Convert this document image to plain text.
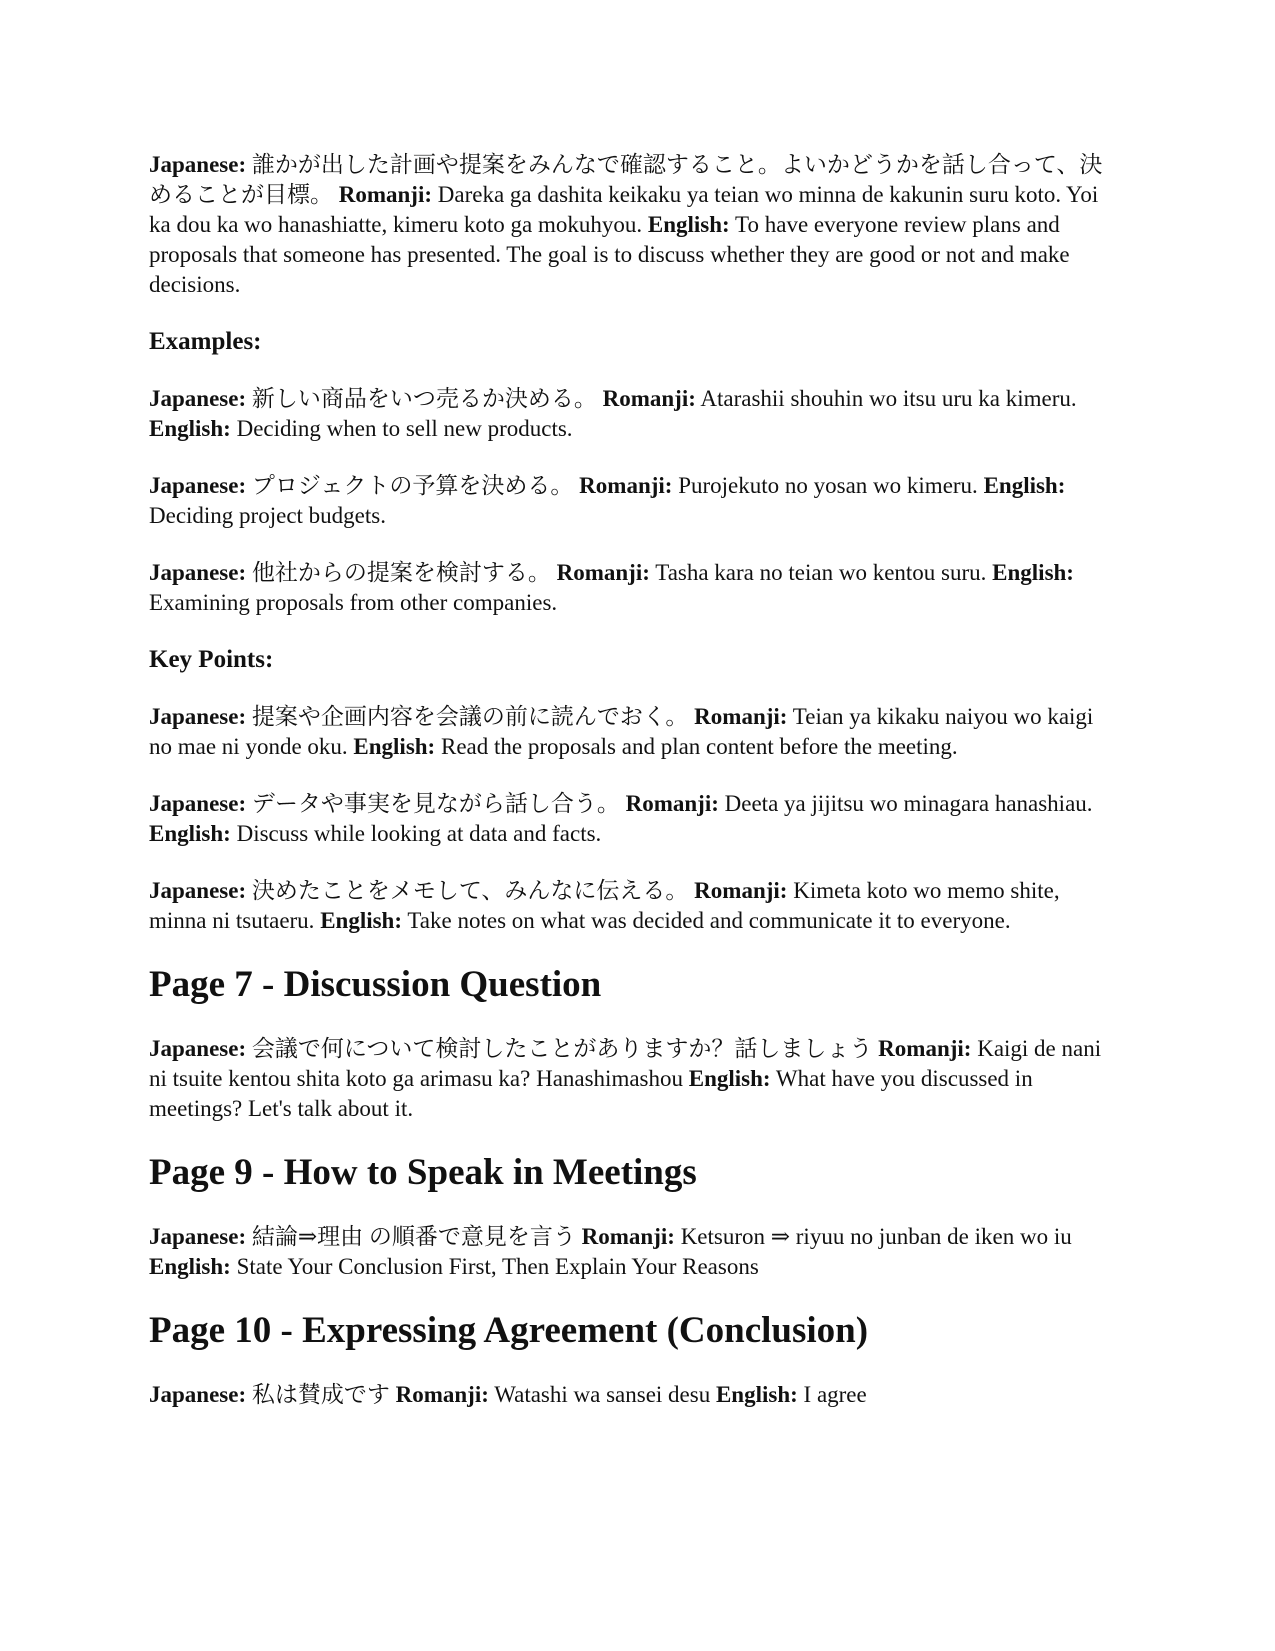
Japanese: 誰かが出した計画や提案をみんなで確認すること。よいかどうかを話し合って、決めることが目標。 Romanji: Dareka ga dashita keikaku ya teian wo minna de kakunin suru koto. Yoi ka dou ka wo hanashiatte, kimeru koto ga mokuhyou. English: To have everyone review plans and proposals that someone has presented. The goal is to discuss whether they are good or not and make decisions.

Examples:

Japanese: 新しい商品をいつ売るか決める。 Romanji: Atarashii shouhin wo itsu uru ka kimeru. English: Deciding when to sell new products.

Japanese: プロジェクトの予算を決める。 Romanji: Purojekuto no yosan wo kimeru. English: Deciding project budgets.

Japanese: 他社からの提案を検討する。 Romanji: Tasha kara no teian wo kentou suru. English: Examining proposals from other companies.

Key Points:

Japanese: 提案や企画内容を会議の前に読んでおく。 Romanji: Teian ya kikaku naiyou wo kaigi no mae ni yonde oku. English: Read the proposals and plan content before the meeting.

Japanese: データや事実を見ながら話し合う。 Romanji: Deeta ya jijitsu wo minagara hanashiau. English: Discuss while looking at data and facts.

Japanese: 決めたことをメモして、みんなに伝える。 Romanji: Kimeta koto wo memo shite, minna ni tsutaeru. English: Take notes on what was decided and communicate it to everyone.

Page 7 - Discussion Question

Japanese: 会議で何について検討したことがありますか？話しましょう Romanji: Kaigi de nani ni tsuite kentou shita koto ga arimasu ka? Hanashimashou English: What have you discussed in meetings? Let's talk about it.

Page 9 - How to Speak in Meetings

Japanese: 結論⇒理由 の順番で意見を言う Romanji: Ketsuron ⇒ riyuu no junban de iken wo iu English: State Your Conclusion First, Then Explain Your Reasons

Page 10 - Expressing Agreement (Conclusion)

Japanese: 私は賛成です Romanji: Watashi wa sansei desu English: I agree
